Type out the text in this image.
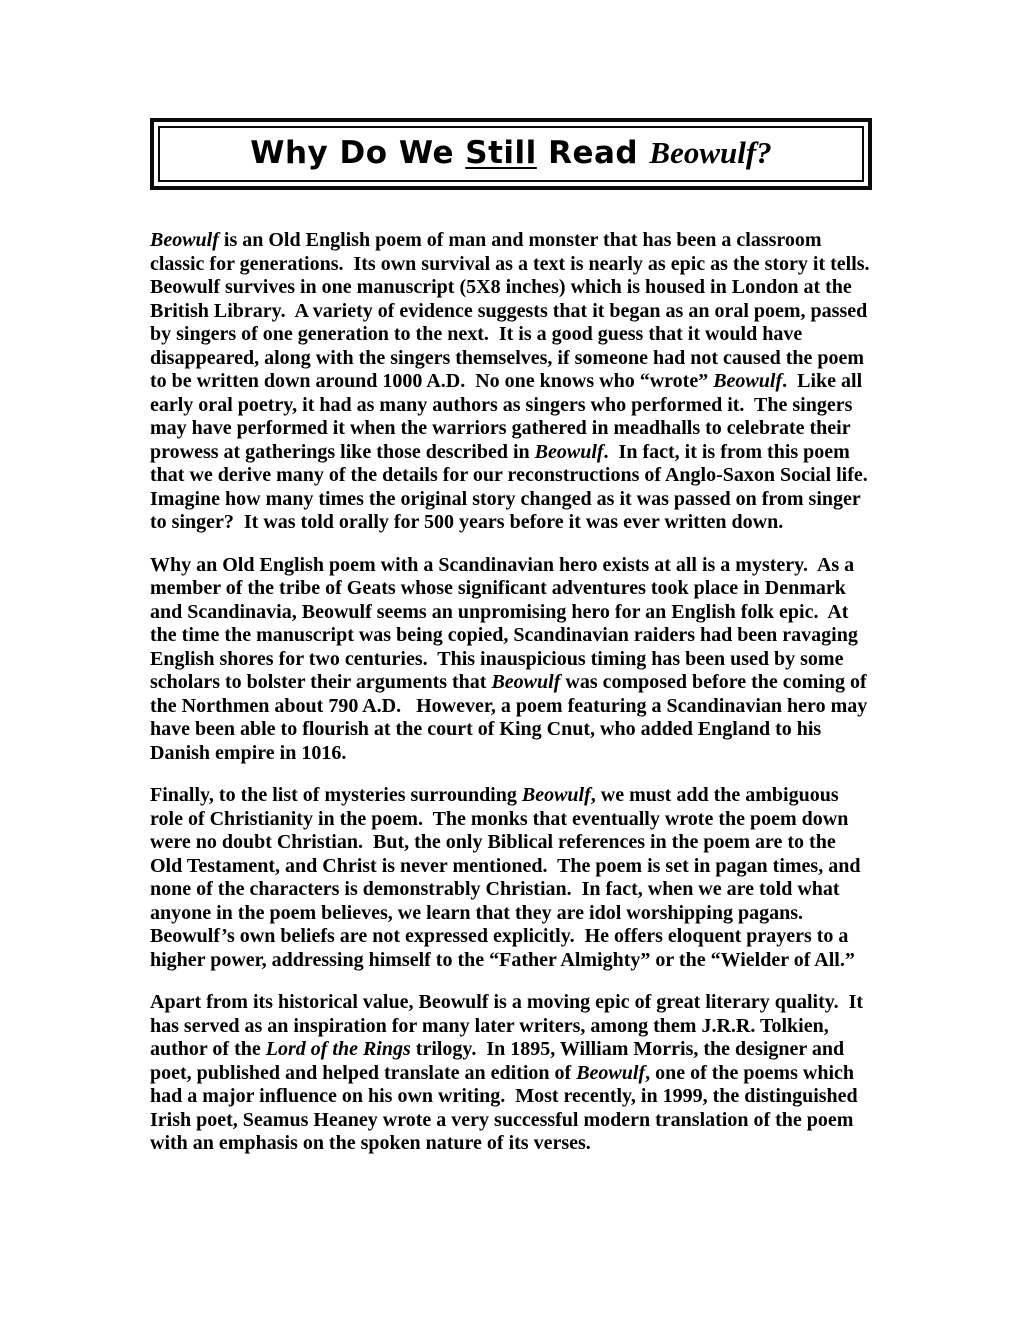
Why Do We Still Read Beowulf?

Beowulf is an Old English poem of man and monster that has been a classroom classic for generations.  Its own survival as a text is nearly as epic as the story it tells. Beowulf survives in one manuscript (5X8 inches) which is housed in London at the British Library.  A variety of evidence suggests that it began as an oral poem, passed by singers of one generation to the next.  It is a good guess that it would have disappeared, along with the singers themselves, if someone had not caused the poem to be written down around 1000 A.D.  No one knows who “wrote” Beowulf.  Like all early oral poetry, it had as many authors as singers who performed it.  The singers may have performed it when the warriors gathered in meadhalls to celebrate their prowess at gatherings like those described in Beowulf.  In fact, it is from this poem that we derive many of the details for our reconstructions of Anglo-Saxon Social life. Imagine how many times the original story changed as it was passed on from singer to singer?  It was told orally for 500 years before it was ever written down.

Why an Old English poem with a Scandinavian hero exists at all is a mystery.  As a member of the tribe of Geats whose significant adventures took place in Denmark and Scandinavia, Beowulf seems an unpromising hero for an English folk epic.  At the time the manuscript was being copied, Scandinavian raiders had been ravaging English shores for two centuries.  This inauspicious timing has been used by some scholars to bolster their arguments that Beowulf was composed before the coming of the Northmen about 790 A.D.   However, a poem featuring a Scandinavian hero may have been able to flourish at the court of King Cnut, who added England to his Danish empire in 1016.

Finally, to the list of mysteries surrounding Beowulf, we must add the ambiguous role of Christianity in the poem.  The monks that eventually wrote the poem down were no doubt Christian.  But, the only Biblical references in the poem are to the Old Testament, and Christ is never mentioned.  The poem is set in pagan times, and none of the characters is demonstrably Christian.  In fact, when we are told what anyone in the poem believes, we learn that they are idol worshipping pagans. Beowulf’s own beliefs are not expressed explicitly.  He offers eloquent prayers to a higher power, addressing himself to the “Father Almighty” or the “Wielder of All.”

Apart from its historical value, Beowulf is a moving epic of great literary quality.  It has served as an inspiration for many later writers, among them J.R.R. Tolkien, author of the Lord of the Rings trilogy.  In 1895, William Morris, the designer and poet, published and helped translate an edition of Beowulf, one of the poems which had a major influence on his own writing.  Most recently, in 1999, the distinguished Irish poet, Seamus Heaney wrote a very successful modern translation of the poem with an emphasis on the spoken nature of its verses.
